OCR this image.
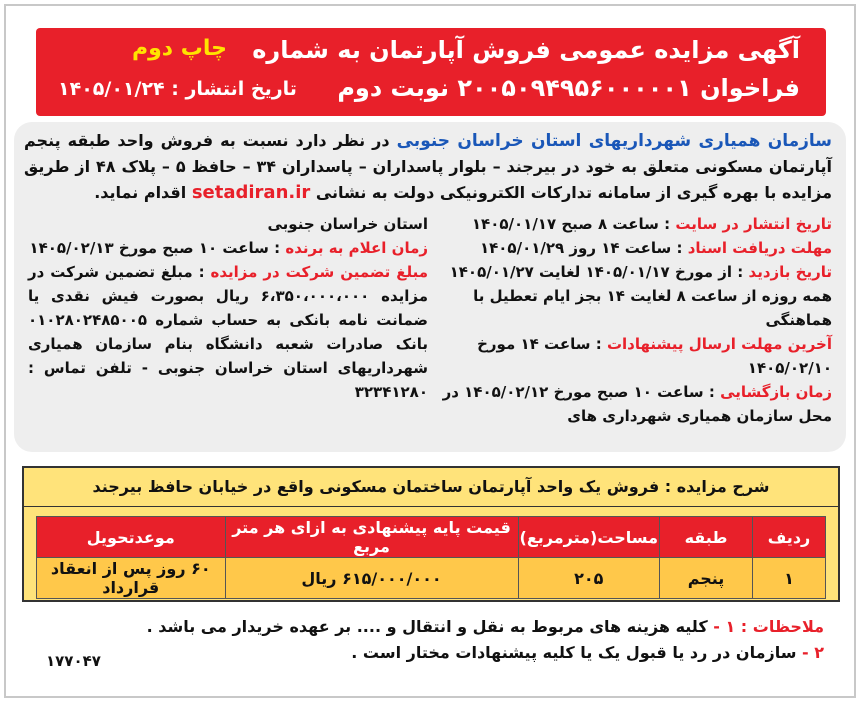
آگهی مزایده عمومی فروش آپارتمان به شماره
فراخوان ۲۰۰۵۰۹۴۹۵۶۰۰۰۰۰۱ نوبت دوم
چاپ دوم
تاریخ انتشار : ۱۴۰۵/۰۱/۲۴
سازمان همیاری شهرداریهای استان خراسان جنوبی در نظر دارد نسبت به فروش واحد طبقه پنجم آپارتمان مسکونی متعلق به خود در بیرجند – بلوار پاسداران – پاسداران ۳۴ – حافظ ۵ – پلاک ۴۸ از طریق مزایده با بهره گیری از سامانه تدارکات الکترونیکی دولت به نشانی setadiran.ir اقدام نماید.
تاریخ انتشار در سایت : ساعت ۸ صبح ۱۴۰۵/۰۱/۱۷
مهلت دریافت اسناد : ساعت ۱۴ روز ۱۴۰۵/۰۱/۲۹
تاریخ بازدید : از مورخ ۱۴۰۵/۰۱/۱۷ لغایت ۱۴۰۵/۰۱/۲۷ همه روزه از ساعت ۸ لغایت ۱۴ بجز ایام تعطیل با هماهنگی
آخرین مهلت ارسال پیشنهادات : ساعت ۱۴ مورخ ۱۴۰۵/۰۲/۱۰
زمان بازگشایی : ساعت ۱۰ صبح مورخ ۱۴۰۵/۰۲/۱۲ در محل سازمان همیاری شهرداری های
استان خراسان جنوبی
زمان اعلام به برنده : ساعت ۱۰ صبح مورخ ۱۴۰۵/۰۲/۱۳
مبلغ تضمین شرکت در مزایده : مبلغ تضمین شرکت در مزایده ۶،۳۵۰،۰۰۰،۰۰۰ ریال بصورت فیش نقدی یا ضمانت نامه بانکی به حساب شماره ۰۱۰۲۸۰۲۴۸۵۰۰۵ بانک صادرات شعبه دانشگاه بنام سازمان همیاری شهرداریهای استان خراسان جنوبی - تلفن تماس : ۳۲۳۴۱۲۸۰
شرح مزایده : فروش یک واحد آپارتمان ساختمان مسکونی واقع در خیابان حافظ بیرجند
ردیف	طبقه	مساحت(مترمربع)	قیمت پایه پیشنهادی به ازای هر متر مربع	موعدتحویل
۱	پنجم	۲۰۵	۶۱۵/۰۰۰/۰۰۰ ریال	۶۰ روز پس از انعقاد قرارداد
ملاحظات : ۱ - کلیه هزینه های مربوط به نقل و انتقال و .... بر عهده خریدار می باشد .
۲ - سازمان در رد یا قبول یک یا کلیه پیشنهادات مختار است .
۱۷۷۰۴۷
